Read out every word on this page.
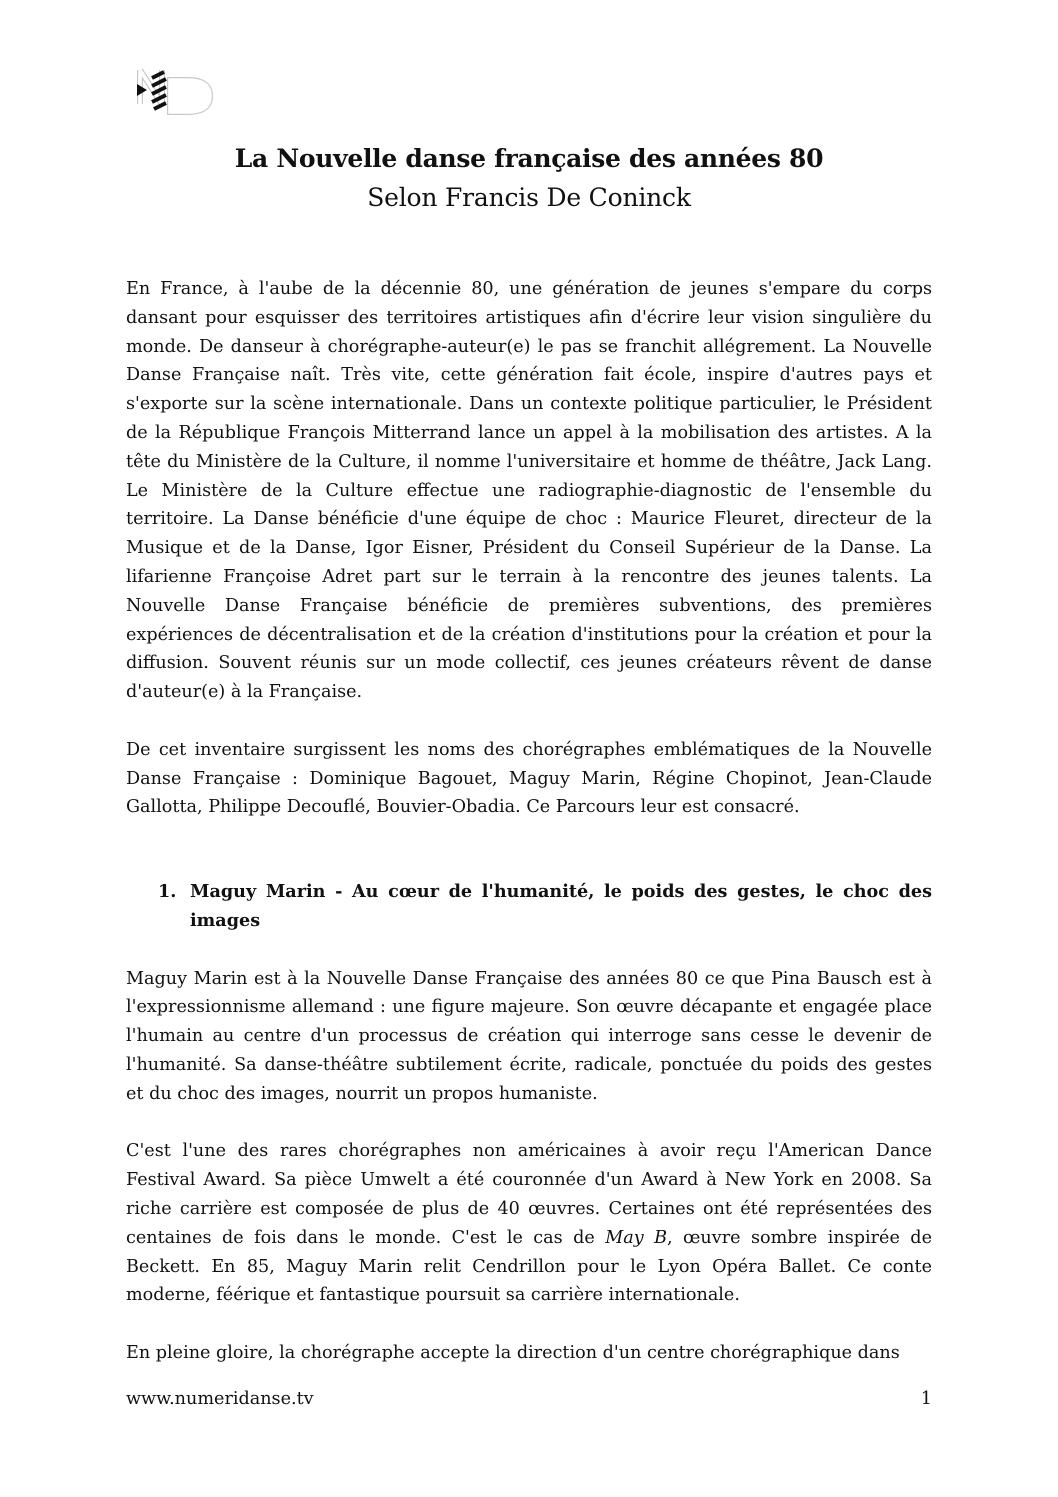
La Nouvelle danse française des années 80
Selon Francis De Coninck

En France, à l'aube de la décennie 80, une génération de jeunes s'empare du corps dansant pour esquisser des territoires artistiques afin d'écrire leur vision singulière du monde. De danseur à chorégraphe-auteur(e) le pas se franchit allégrement. La Nouvelle Danse Française naît. Très vite, cette génération fait école, inspire d'autres pays et s'exporte sur la scène internationale. Dans un contexte politique particulier, le Président de la République François Mitterrand lance un appel à la mobilisation des artistes. A la tête du Ministère de la Culture, il nomme l'universitaire et homme de théâtre, Jack Lang. Le Ministère de la Culture effectue une radiographie-diagnostic de l'ensemble du territoire. La Danse bénéficie d'une équipe de choc : Maurice Fleuret, directeur de la Musique et de la Danse, Igor Eisner, Président du Conseil Supérieur de la Danse. La lifarienne Françoise Adret part sur le terrain à la rencontre des jeunes talents. La Nouvelle Danse Française bénéficie de premières subventions, des premières expériences de décentralisation et de la création d'institutions pour la création et pour la diffusion. Souvent réunis sur un mode collectif, ces jeunes créateurs rêvent de danse d'auteur(e) à la Française.

De cet inventaire surgissent les noms des chorégraphes emblématiques de la Nouvelle Danse Française : Dominique Bagouet, Maguy Marin, Régine Chopinot, Jean-Claude Gallotta, Philippe Decouflé, Bouvier-Obadia. Ce Parcours leur est consacré.

1. Maguy Marin - Au cœur de l'humanité, le poids des gestes, le choc des images

Maguy Marin est à la Nouvelle Danse Française des années 80 ce que Pina Bausch est à l'expressionnisme allemand : une figure majeure. Son œuvre décapante et engagée place l'humain au centre d'un processus de création qui interroge sans cesse le devenir de l'humanité. Sa danse-théâtre subtilement écrite, radicale, ponctuée du poids des gestes et du choc des images, nourrit un propos humaniste.

C'est l'une des rares chorégraphes non américaines à avoir reçu l'American Dance Festival Award. Sa pièce Umwelt a été couronnée d'un Award à New York en 2008. Sa riche carrière est composée de plus de 40 œuvres. Certaines ont été représentées des centaines de fois dans le monde. C'est le cas de May B, œuvre sombre inspirée de Beckett. En 85, Maguy Marin relit Cendrillon pour le Lyon Opéra Ballet. Ce conte moderne, féérique et fantastique poursuit sa carrière internationale.

En pleine gloire, la chorégraphe accepte la direction d'un centre chorégraphique dans

www.numeridanse.tv	1
